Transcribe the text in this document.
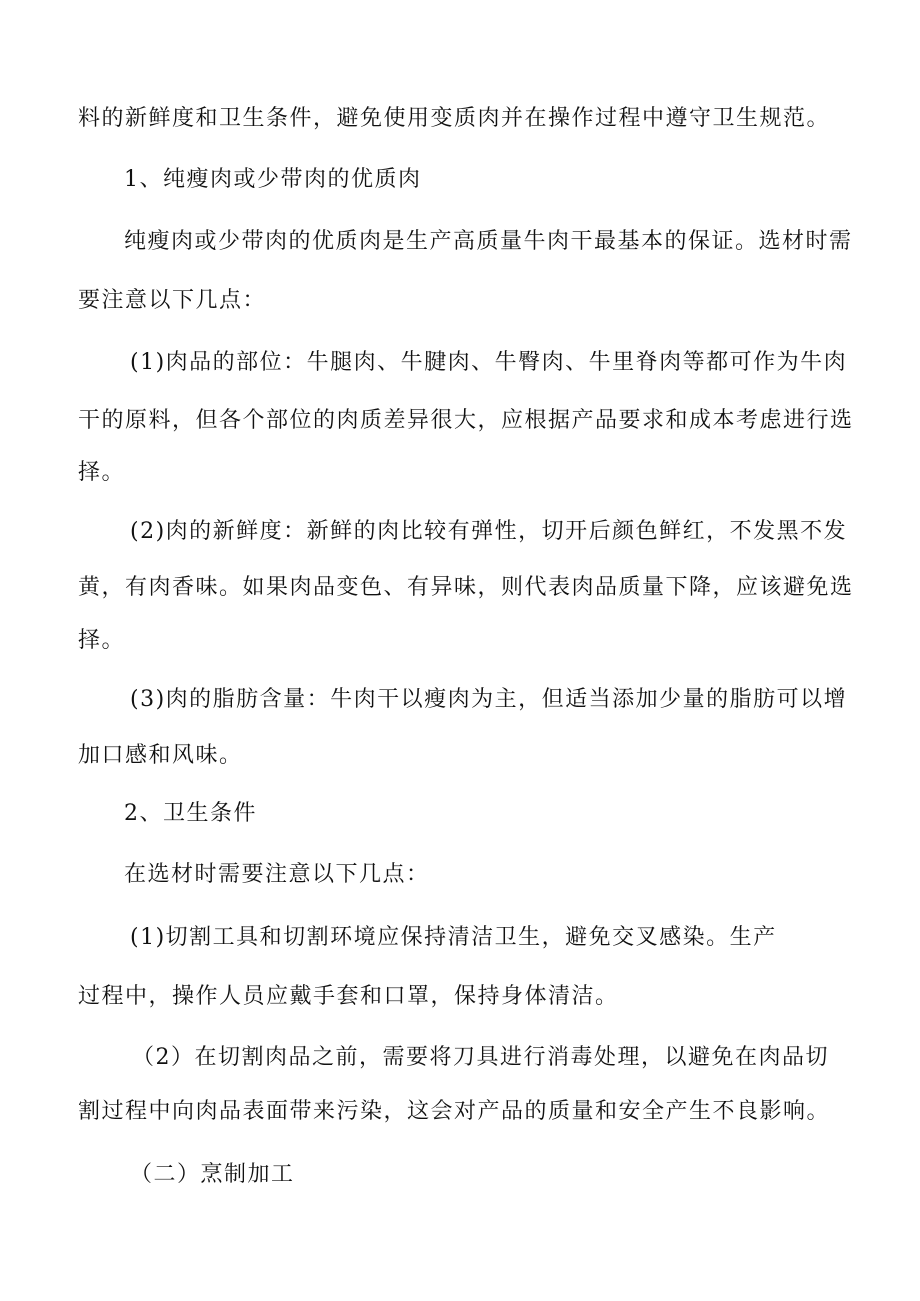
料的新鲜度和卫生条件，避免使用变质肉并在操作过程中遵守卫生规范。
1、纯瘦肉或少带肉的优质肉
纯瘦肉或少带肉的优质肉是生产高质量牛肉干最基本的保证。选材时需
要注意以下几点：
(1)肉品的部位：牛腿肉、牛腱肉、牛臀肉、牛里脊肉等都可作为牛肉
干的原料，但各个部位的肉质差异很大，应根据产品要求和成本考虑进行选
择。
(2)肉的新鲜度：新鲜的肉比较有弹性，切开后颜色鲜红，不发黑不发
黄，有肉香味。如果肉品变色、有异味，则代表肉品质量下降，应该避免选
择。
(3)肉的脂肪含量：牛肉干以瘦肉为主，但适当添加少量的脂肪可以增
加口感和风味。
2、卫生条件
在选材时需要注意以下几点：
(1)切割工具和切割环境应保持清洁卫生，避免交叉感染。生产
过程中，操作人员应戴手套和口罩，保持身体清洁。
（2）在切割肉品之前，需要将刀具进行消毒处理，以避免在肉品切
割过程中向肉品表面带来污染，这会对产品的质量和安全产生不良影响。
（二）烹制加工
